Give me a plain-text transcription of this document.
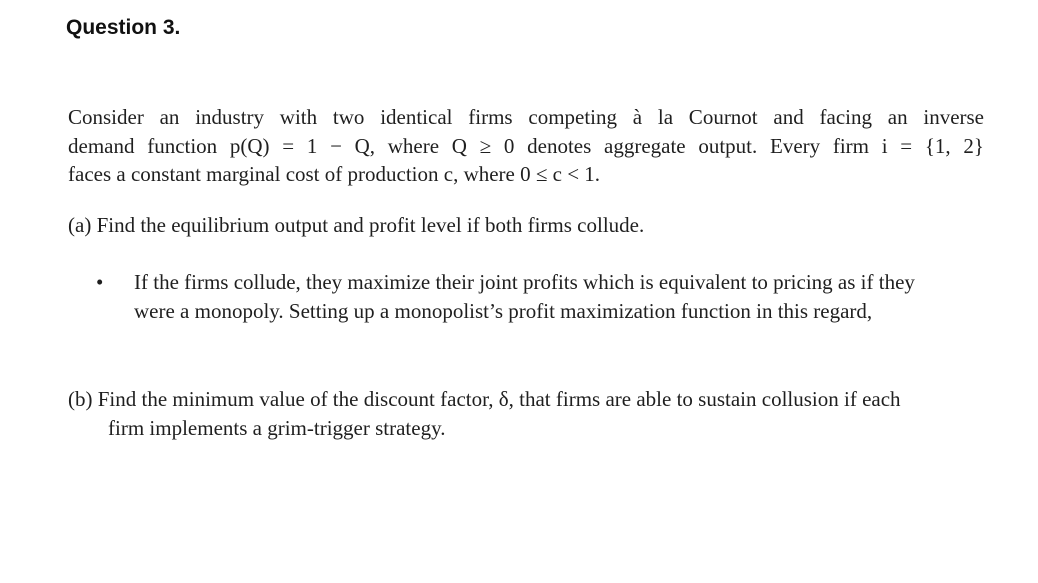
Question 3.

Consider an industry with two identical firms competing à la Cournot and facing an inverse
demand function p(Q) = 1 − Q, where Q ≥ 0 denotes aggregate output. Every firm i = {1, 2}
faces a constant marginal cost of production c, where 0 ≤ c < 1.

(a) Find the equilibrium output and profit level if both firms collude.

•	If the firms collude, they maximize their joint profits which is equivalent to pricing as if they
were a monopoly. Setting up a monopolist’s profit maximization function in this regard,

(b) Find the minimum value of the discount factor, δ, that firms are able to sustain collusion if each
firm implements a grim-trigger strategy.
